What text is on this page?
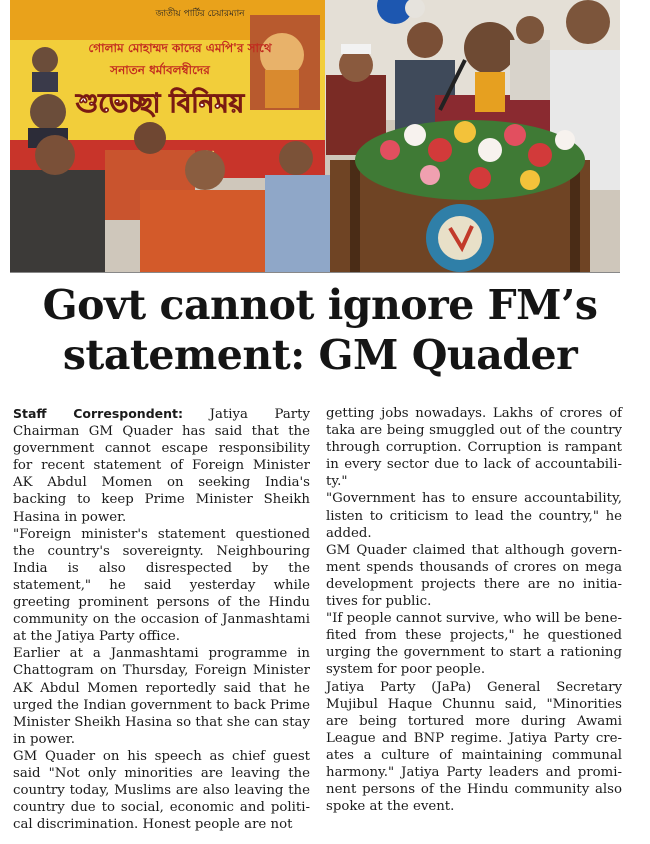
জাতীয় পার্টির চেয়ারম্যান
গোলাম মোহাম্মদ কাদের এমপি'র সাথে
সনাতন ধর্মাবলম্বীদের
শুভেচ্ছা বিনিময়
Govt cannot ignore FM’s
statement: GM Quader

Staff Correspondent: Jatiya Party Chairman GM Quader has said that the government cannot escape responsibility for recent statement of Foreign Minister AK Abdul Momen on seeking India's backing to keep Prime Minister Sheikh Hasina in power.

"Foreign minister's statement questioned the country's sovereignty. Neighbouring India is also disrespected by the statement," he said yesterday while greeting prominent persons of the Hindu community on the occasion of Janmashtami at the Jatiya Party office.

Earlier at a Janmashtami programme in Chattogram on Thursday, Foreign Minister AK Abdul Momen reportedly said that he urged the Indian government to back Prime Minister Sheikh Hasina so that she can stay in power.

GM Quader on his speech as chief guest said "Not only minorities are leaving the country today, Muslims are also leaving the country due to social, economic and politi-cal discrimination. Honest people are not

getting jobs nowadays. Lakhs of crores of taka are being smuggled out of the country through corruption. Corruption is rampant in every sector due to lack of accountabili-ty."

"Government has to ensure accountability, listen to criticism to lead the country," he added.

GM Quader claimed that although govern-ment spends thousands of crores on mega development projects there are no initia-tives for public.

"If people cannot survive, who will be bene-fited from these projects," he questioned urging the government to start a rationing system for poor people.

Jatiya Party (JaPa) General Secretary Mujibul Haque Chunnu said, "Minorities are being tortured more during Awami League and BNP regime. Jatiya Party cre-ates a culture of maintaining communal harmony." Jatiya Party leaders and promi-nent persons of the Hindu community also spoke at the event.
